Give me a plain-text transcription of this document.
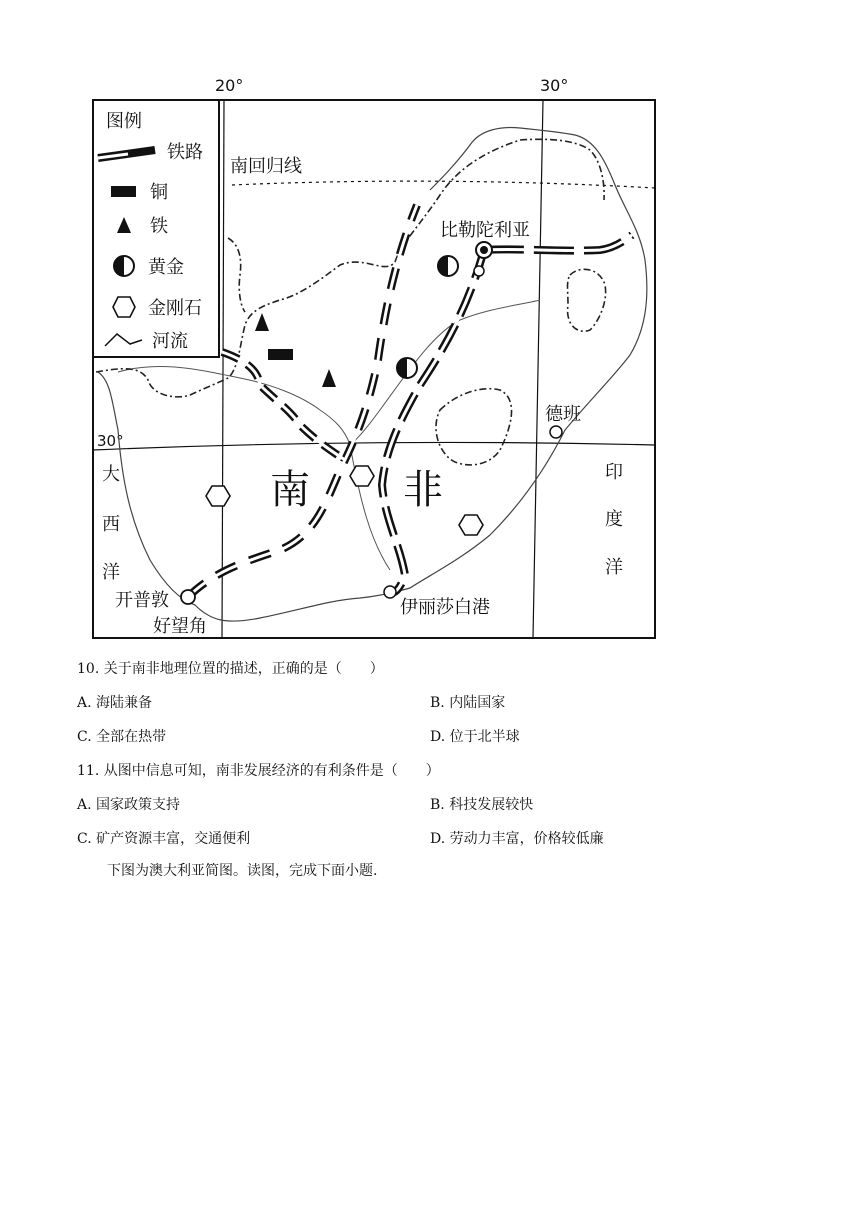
20°	30°
30°
南回归线
比勒陀利亚
德班
开普敦
好望角
伊丽莎白港
南 非
大
西
洋
印
度
洋
图例
铁路
铜
铁
黄金
金刚石
河流
10. 关于南非地理位置的描述，正确的是（　　）
A. 海陆兼备	B. 内陆国家
C. 全部在热带	D. 位于北半球
11. 从图中信息可知，南非发展经济的有利条件是（　　）
A. 国家政策支持	B. 科技发展较快
C. 矿产资源丰富，交通便利	D. 劳动力丰富，价格较低廉
下图为澳大利亚简图。读图，完成下面小题.
